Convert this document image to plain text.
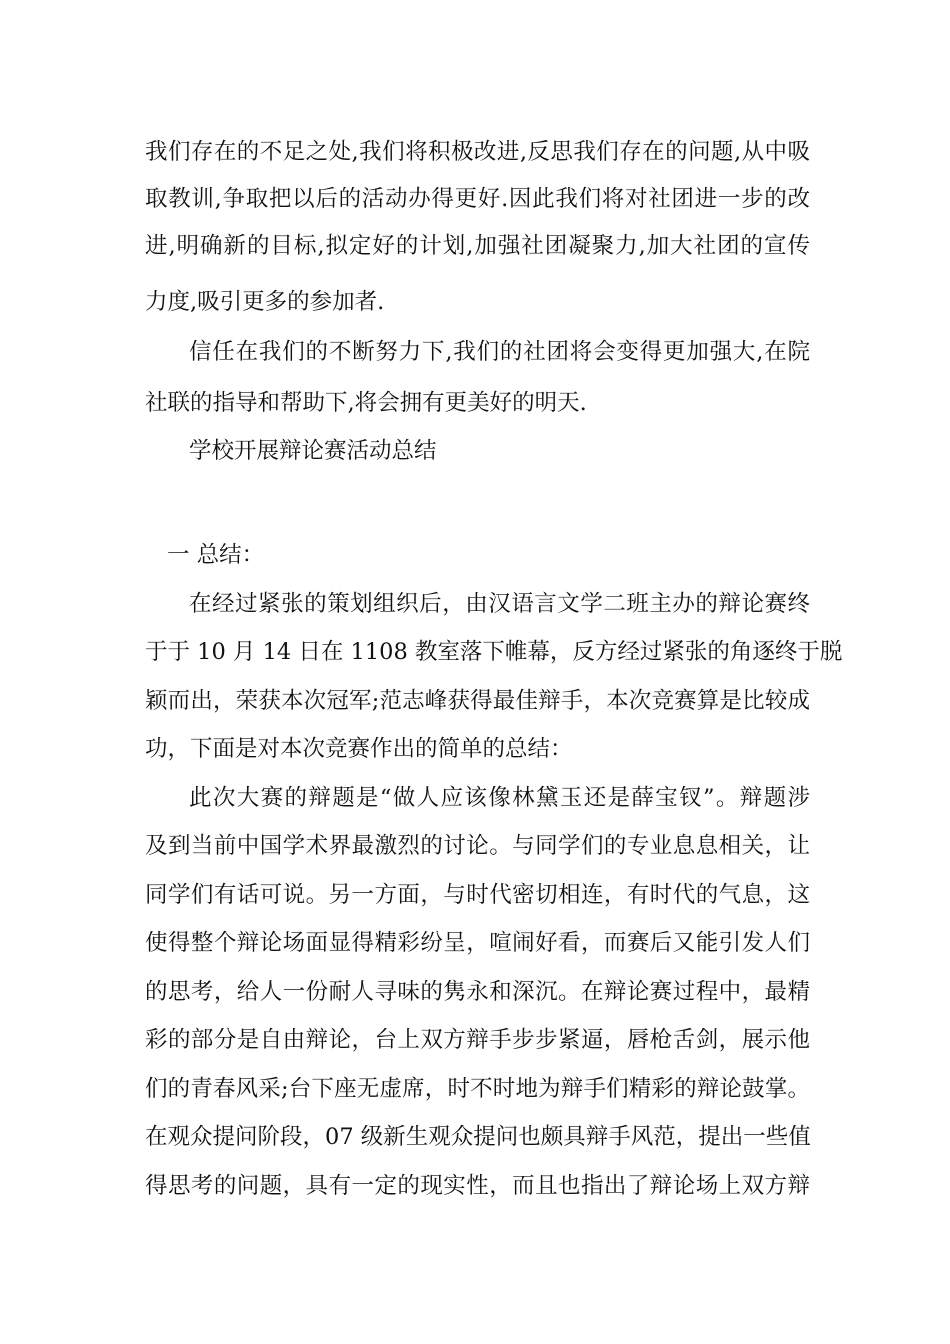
我们存在的不足之处,我们将积极改进,反思我们存在的问题,从中吸
取教训,争取把以后的活动办得更好.因此我们将对社团进一步的改
进,明确新的目标,拟定好的计划,加强社团凝聚力,加大社团的宣传
力度,吸引更多的参加者.
信任在我们的不断努力下,我们的社团将会变得更加强大,在院
社联的指导和帮助下,将会拥有更美好的明天.
学校开展辩论赛活动总结
一 总结：
在经过紧张的策划组织后，由汉语言文学二班主办的辩论赛终
于于 10 月 14 日在 1108 教室落下帷幕，反方经过紧张的角逐终于脱
颖而出，荣获本次冠军;范志峰获得最佳辩手，本次竞赛算是比较成
功，下面是对本次竞赛作出的简单的总结：
此次大赛的辩题是“做人应该像林黛玉还是薛宝钗”。辩题涉
及到当前中国学术界最激烈的讨论。与同学们的专业息息相关，让
同学们有话可说。另一方面，与时代密切相连，有时代的气息，这
使得整个辩论场面显得精彩纷呈，喧闹好看，而赛后又能引发人们
的思考，给人一份耐人寻味的隽永和深沉。在辩论赛过程中，最精
彩的部分是自由辩论，台上双方辩手步步紧逼，唇枪舌剑，展示他
们的青春风采;台下座无虚席，时不时地为辩手们精彩的辩论鼓掌。
在观众提问阶段，07 级新生观众提问也颇具辩手风范，提出一些值
得思考的问题，具有一定的现实性，而且也指出了辩论场上双方辩
